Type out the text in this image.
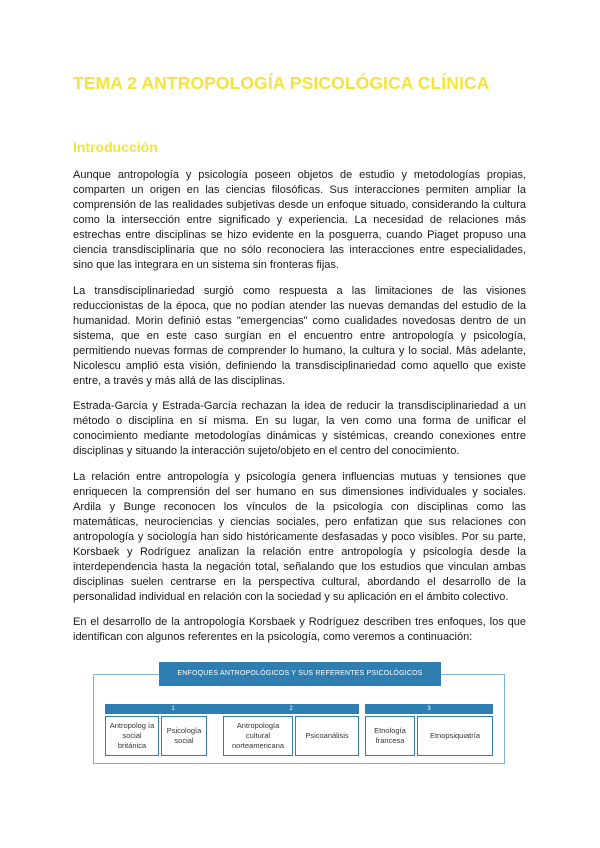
TEMA 2 ANTROPOLOGÍA PSICOLÓGICA CLÍNICA
Introducción

Aunque antropología y psicología poseen objetos de estudio y metodologías propias, comparten un origen en las ciencias filosóficas. Sus interacciones permiten ampliar la comprensión de las realidades subjetivas desde un enfoque situado, considerando la cultura como la intersección entre significado y experiencia. La necesidad de relaciones más estrechas entre disciplinas se hizo evidente en la posguerra, cuando Piaget propuso una ciencia transdisciplinaria que no sólo reconociera las interacciones entre especialidades, sino que las integrara en un sistema sin fronteras fijas.

La transdisciplinariedad surgió como respuesta a las limitaciones de las visiones reduccionistas de la época, que no podían atender las nuevas demandas del estudio de la humanidad. Morin definió estas "emergencias" como cualidades novedosas dentro de un sistema, que en este caso surgían en el encuentro entre antropología y psicología, permitiendo nuevas formas de comprender lo humano, la cultura y lo social. Más adelante, Nicolescu amplió esta visión, definiendo la transdisciplinariedad como aquello que existe entre, a través y más allá de las disciplinas.

Estrada-García y Estrada-García rechazan la idea de reducir la transdisciplinariedad a un método o disciplina en sí misma. En su lugar, la ven como una forma de unificar el conocimiento mediante metodologías dinámicas y sistémicas, creando conexiones entre disciplinas y situando la interacción sujeto/objeto en el centro del conocimiento.

La relación entre antropología y psicología genera influencias mutuas y tensiones que enriquecen la comprensión del ser humano en sus dimensiones individuales y sociales. Ardila y Bunge reconocen los vínculos de la psicología con disciplinas como las matemáticas, neurociencias y ciencias sociales, pero enfatizan que sus relaciones con antropología y sociología han sido históricamente desfasadas y poco visibles. Por su parte, Korsbaek y Rodríguez analizan la relación entre antropología y psicología desde la interdependencia hasta la negación total, señalando que los estudios que vinculan ambas disciplinas suelen centrarse en la perspectiva cultural, abordando el desarrollo de la personalidad individual en relación con la sociedad y su aplicación en el ámbito colectivo.

En el desarrollo de la antropología Korsbaek y Rodríguez describen tres enfoques, los que identifican con algunos referentes en la psicología, como veremos a continuación:

ENFOQUES ANTROPOLÓGICOS Y SUS REFERENTES PSICOLÓGICOS
1
Antropolog ía social británica
Psicología social
2
Antropología cultural norteamericana
Psicoanálisis
3
Etnología francesa
Etnopsiquiatría
